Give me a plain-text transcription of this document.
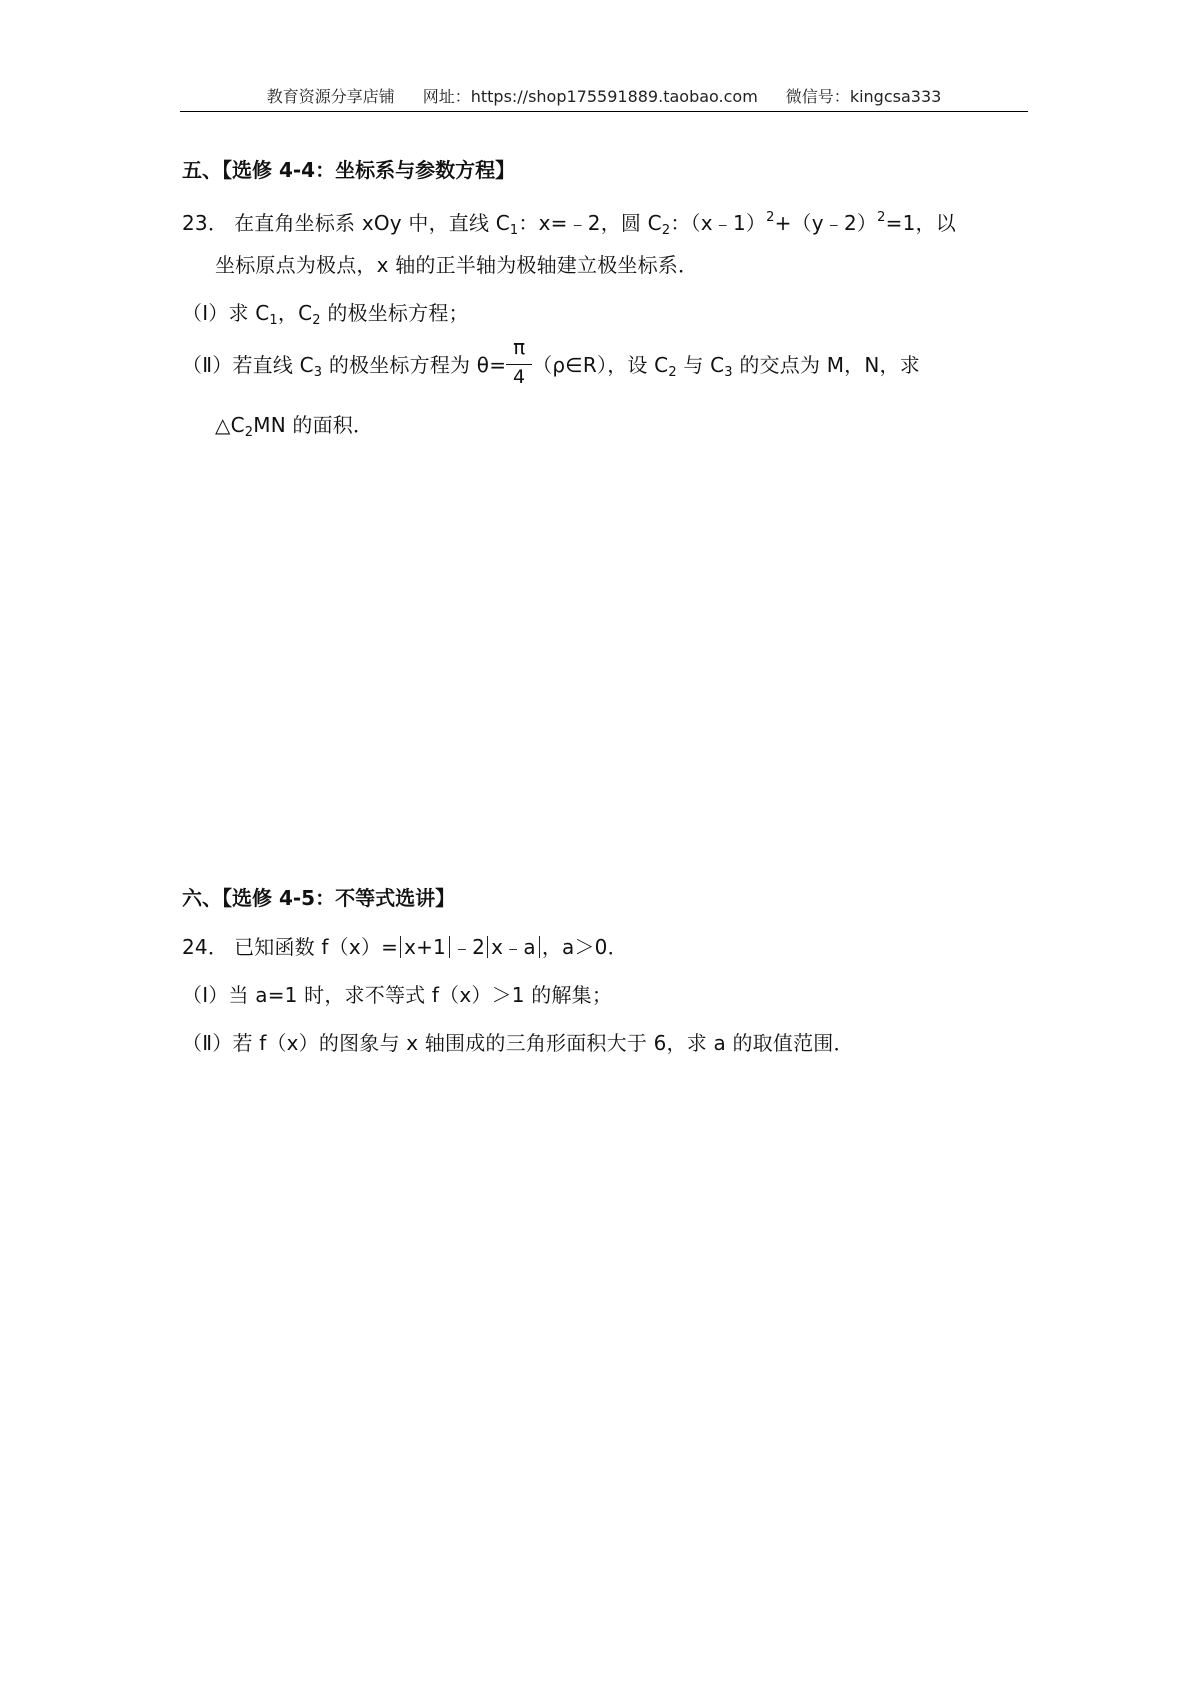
教育资源分享店铺 网址：https://shop175591889.taobao.com 微信号：kingcsa333
五、【选修 4-4：坐标系与参数方程】
23． 在直角坐标系 xOy 中，直线 $C_1$：x=﹣2，圆 $C_2$：（x﹣1）$^2$+（y﹣2）$^2$=1，以
坐标原点为极点，x 轴的正半轴为极轴建立极坐标系．
（Ⅰ）求 $C_1$，$C_2$ 的极坐标方程；
（Ⅱ）若直线 $C_3$ 的极坐标方程为 $\theta= \frac{\pi}{4}$ （ρ∈R），设 $C_2$ 与 $C_3$ 的交点为 M，N，求
$\triangle C_2MN$ 的面积．
六、【选修 4-5：不等式选讲】
24． 已知函数 f（x）= x+1 ﹣2 x﹣a ，a＞0．
（Ⅰ）当 a=1 时，求不等式 f（x）＞1 的解集；
（Ⅱ）若 f（x）的图象与 x 轴围成的三角形面积大于 6，求 a 的取值范围．
